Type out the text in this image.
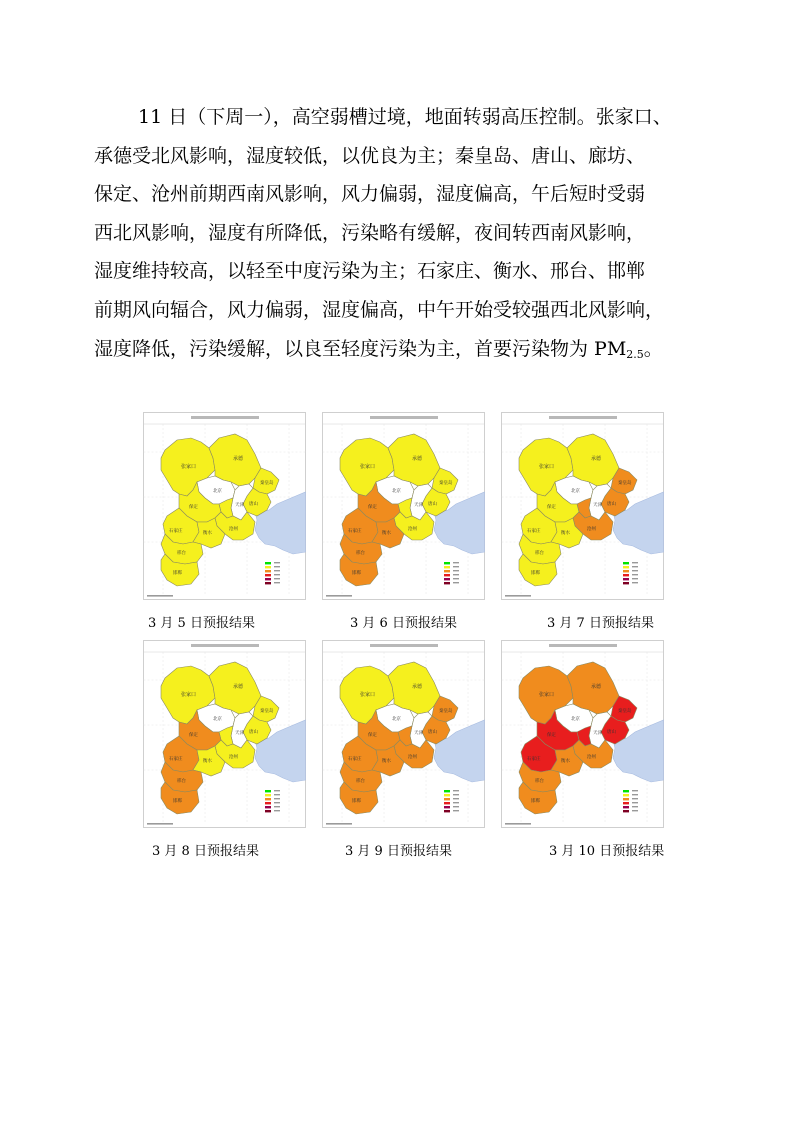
11 日（下周一），高空弱槽过境，地面转弱高压控制。张家口、
承德受北风影响，湿度较低，以优良为主；秦皇岛、唐山、廊坊、
保定、沧州前期西南风影响，风力偏弱，湿度偏高，午后短时受弱
西北风影响，湿度有所降低，污染略有缓解，夜间转西南风影响，
湿度维持较高，以轻至中度污染为主；石家庄、衡水、邢台、邯郸
前期风向辐合，风力偏弱，湿度偏高，中午开始受较强西北风影响，
湿度降低，污染缓解，以良至轻度污染为主，首要污染物为 $PM_{2.5}$。
张家口
承德
秦皇岛
唐山
北京
天津
保定
沧州
石家庄	衡水
邢台
邯郸
3 月 5 日预报结果
张家口
承德
秦皇岛
唐山
北京
天津
保定
沧州
石家庄	衡水
邢台
邯郸
3 月 6 日预报结果
张家口
承德
秦皇岛
唐山
北京
天津
保定
沧州
石家庄	衡水
邢台
邯郸
3 月 7 日预报结果
张家口
承德
秦皇岛
唐山
北京
天津
保定
沧州
石家庄	衡水
邢台
邯郸
3 月 8 日预报结果
张家口
承德
秦皇岛
唐山
北京
天津
保定
沧州
石家庄	衡水
邢台
邯郸
3 月 9 日预报结果
张家口
承德
秦皇岛
唐山
北京
天津
保定
沧州
石家庄	衡水
邢台
邯郸
3 月 10 日预报结果
